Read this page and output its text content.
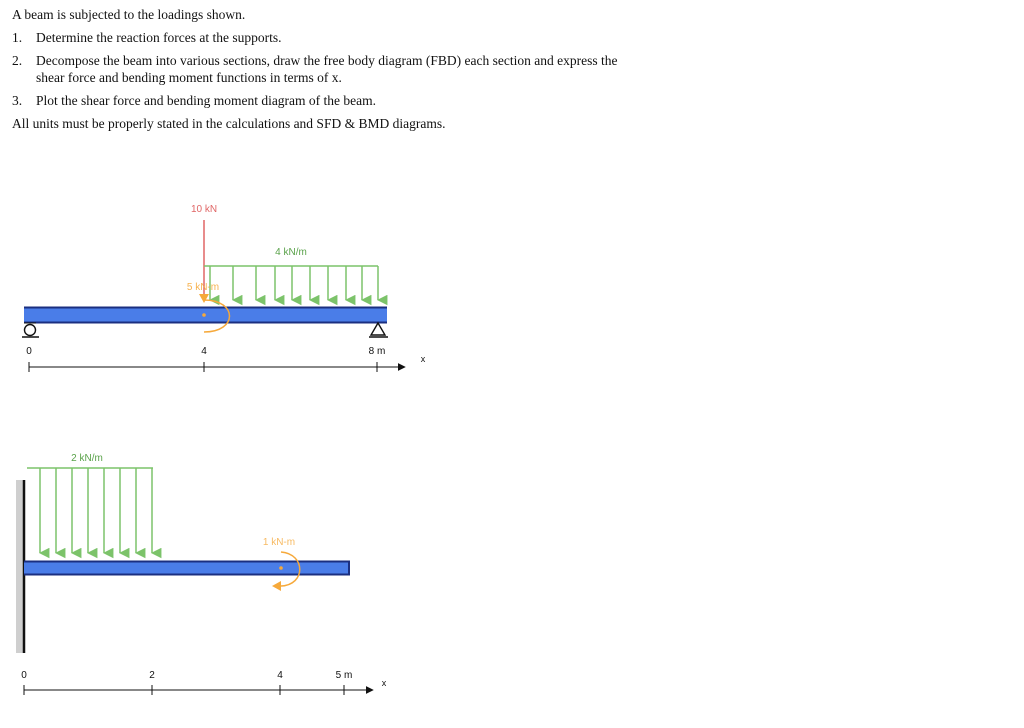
A beam is subjected to the loadings shown.

1.	Determine the reaction forces at the supports.
2.	Decompose the beam into various sections, draw the free body diagram (FBD) each section and express the shear force and bending moment functions in terms of x.
3.	Plot the shear force and bending moment diagram of the beam.

All units must be properly stated in the calculations and SFD & BMD diagrams.

10 kN
4 kN/m
5 kN-m
0	4	8 m
x
2 kN/m
1 kN-m
0	2	4	5 m
x
